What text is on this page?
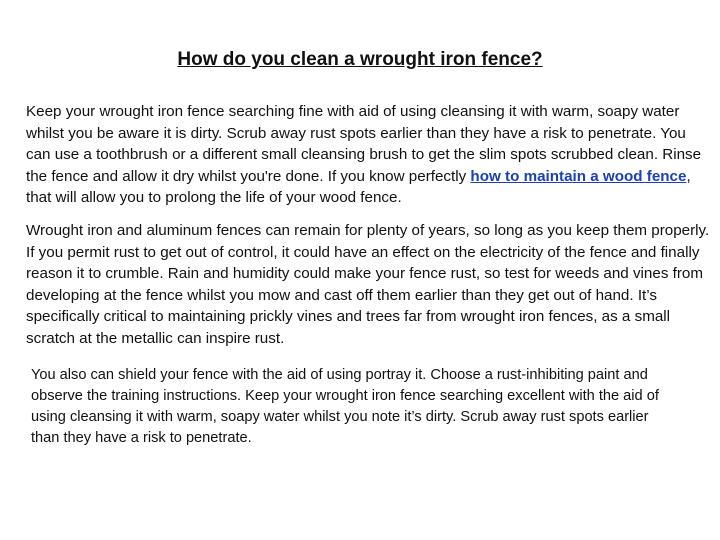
How do you clean a wrought iron fence?

Keep your wrought iron fence searching fine with aid of using cleansing it with warm, soapy water whilst you be aware it is dirty. Scrub away rust spots earlier than they have a risk to penetrate. You can use a toothbrush or a different small cleansing brush to get the slim spots scrubbed clean. Rinse the fence and allow it dry whilst you're done. If you know perfectly how to maintain a wood fence, that will allow you to prolong the life of your wood fence.

Wrought iron and aluminum fences can remain for plenty of years, so long as you keep them properly. If you permit rust to get out of control, it could have an effect on the electricity of the fence and finally reason it to crumble. Rain and humidity could make your fence rust, so test for weeds and vines from developing at the fence whilst you mow and cast off them earlier than they get out of hand. It’s specifically critical to maintaining prickly vines and trees far from wrought iron fences, as a small scratch at the metallic can inspire rust.

You also can shield your fence with the aid of using portray it. Choose a rust-inhibiting paint and observe the training instructions. Keep your wrought iron fence searching excellent with the aid of using cleansing it with warm, soapy water whilst you note it’s dirty. Scrub away rust spots earlier than they have a risk to penetrate.
